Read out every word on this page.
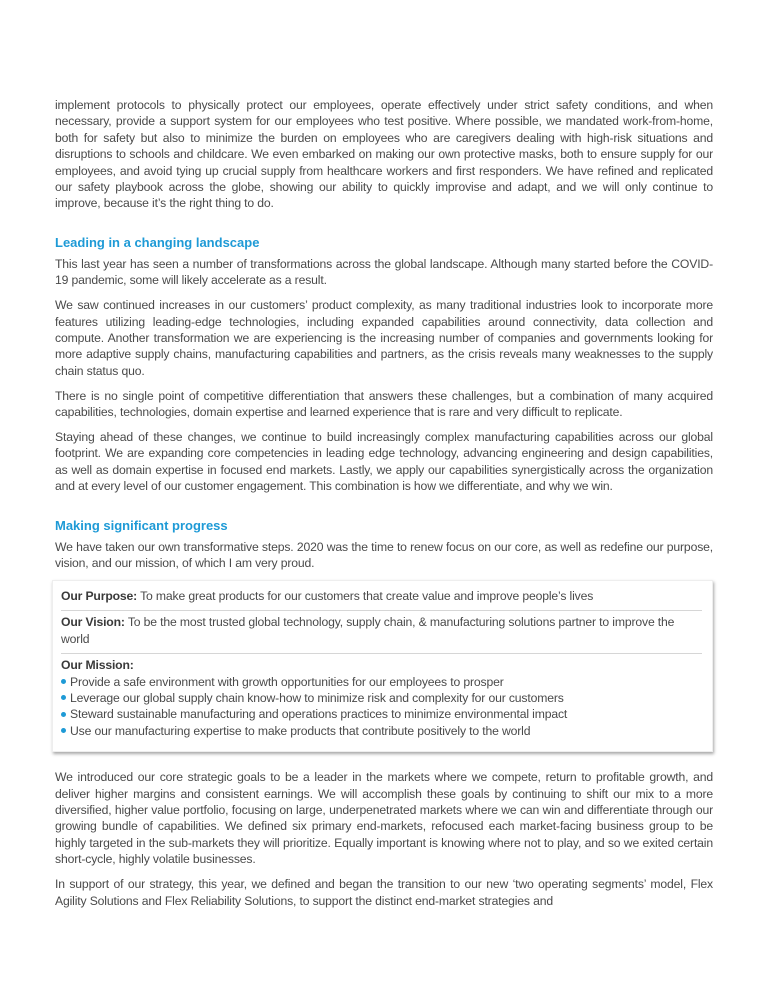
implement protocols to physically protect our employees, operate effectively under strict safety conditions, and when necessary, provide a support system for our employees who test positive. Where possible, we mandated work-from-home, both for safety but also to minimize the burden on employees who are caregivers dealing with high-risk situations and disruptions to schools and childcare. We even embarked on making our own protective masks, both to ensure supply for our employees, and avoid tying up crucial supply from healthcare workers and first responders. We have refined and replicated our safety playbook across the globe, showing our ability to quickly improvise and adapt, and we will only continue to improve, because it’s the right thing to do.

Leading in a changing landscape

This last year has seen a number of transformations across the global landscape. Although many started before the COVID-19 pandemic, some will likely accelerate as a result.

We saw continued increases in our customers’ product complexity, as many traditional industries look to incorporate more features utilizing leading-edge technologies, including expanded capabilities around connectivity, data collection and compute. Another transformation we are experiencing is the increasing number of companies and governments looking for more adaptive supply chains, manufacturing capabilities and partners, as the crisis reveals many weaknesses to the supply chain status quo.

There is no single point of competitive differentiation that answers these challenges, but a combination of many acquired capabilities, technologies, domain expertise and learned experience that is rare and very difficult to replicate.

Staying ahead of these changes, we continue to build increasingly complex manufacturing capabilities across our global footprint. We are expanding core competencies in leading edge technology, advancing engineering and design capabilities, as well as domain expertise in focused end markets. Lastly, we apply our capabilities synergistically across the organization and at every level of our customer engagement. This combination is how we differentiate, and why we win.

Making significant progress

We have taken our own transformative steps. 2020 was the time to renew focus on our core, as well as redefine our purpose, vision, and our mission, of which I am very proud.

Our Purpose: To make great products for our customers that create value and improve people’s lives
Our Vision: To be the most trusted global technology, supply chain, & manufacturing solutions partner to improve the world
Our Mission:
Provide a safe environment with growth opportunities for our employees to prosper
Leverage our global supply chain know-how to minimize risk and complexity for our customers
Steward sustainable manufacturing and operations practices to minimize environmental impact
Use our manufacturing expertise to make products that contribute positively to the world

We introduced our core strategic goals to be a leader in the markets where we compete, return to profitable growth, and deliver higher margins and consistent earnings. We will accomplish these goals by continuing to shift our mix to a more diversified, higher value portfolio, focusing on large, underpenetrated markets where we can win and differentiate through our growing bundle of capabilities. We defined six primary end-markets, refocused each market-facing business group to be highly targeted in the sub-markets they will prioritize. Equally important is knowing where not to play, and so we exited certain short-cycle, highly volatile businesses.

In support of our strategy, this year, we defined and began the transition to our new ‘two operating segments’ model, Flex Agility Solutions and Flex Reliability Solutions, to support the distinct end-market strategies and
